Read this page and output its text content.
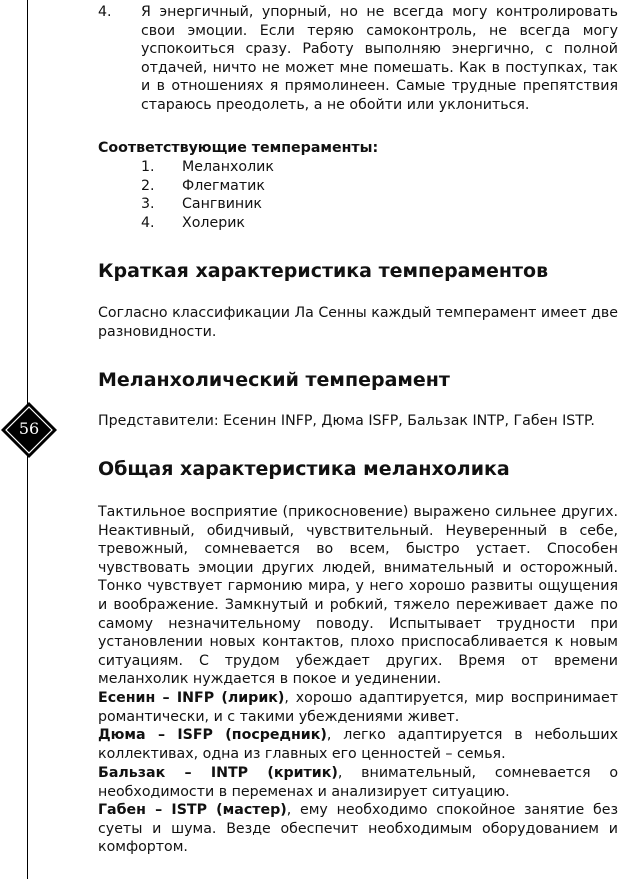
56
4. Я энергичный, упорный, но не всегда могу контролировать свои эмоции. Если теряю самоконтроль, не всегда могу успокоиться сразу. Работу выполняю энергично, с полной отдачей, ничто не может мне помешать. Как в поступках, так и в отношениях я прямолинеен. Самые трудные препятствия стараюсь преодолеть, а не обойти или уклониться.
Соответствующие темпераменты:
1. Меланхолик
2. Флегматик
3. Сангвиник
4. Холерик
Краткая характеристика темпераментов
Согласно классификации Ла Сенны каждый темперамент имеет две разновидности.
Меланхолический темперамент
Представители: Есенин INFP, Дюма ISFP, Бальзак INTP, Габен ISTP.
Общая характеристика меланхолика
Тактильное восприятие (прикосновение) выражено сильнее других. Неактивный, обидчивый, чувствительный. Неуверенный в себе, тревожный, сомневается во всем, быстро устает. Способен чувствовать эмоции других людей, внимательный и осторожный. Тонко чувствует гармонию мира, у него хорошо развиты ощущения и воображение. Замкнутый и робкий, тяжело переживает даже по самому незначительному поводу. Испытывает трудности при установлении новых контактов, плохо приспосабливается к новым ситуациям. С трудом убеждает других. Время от времени меланхолик нуждается в покое и уединении.
Есенин – INFP (лирик), хорошо адаптируется, мир воспринимает романтически, и с такими убеждениями живет.
Дюма – ISFP (посредник), легко адаптируется в небольших коллективах, одна из главных его ценностей – семья.
Бальзак – INTP (критик), внимательный, сомневается о необходимости в переменах и анализирует ситуацию.
Габен – ISTP (мастер), ему необходимо спокойное занятие без суеты и шума. Везде обеспечит необходимым оборудованием и комфортом.
